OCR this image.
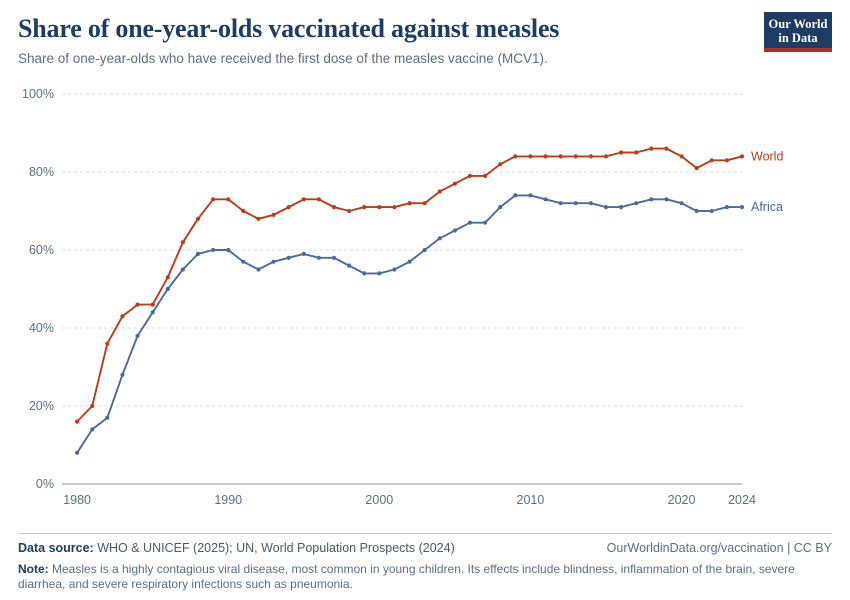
Share of one-year-olds vaccinated against measles
Share of one-year-olds who have received the first dose of the measles vaccine (MCV1).
Our World
in Data
0%
20%
40%
60%
80%
100%
1980	1990	2000	2010	2020	2024
World
Africa
Data source: WHO & UNICEF (2025); UN, World Population Prospects (2024)	OurWorldinData.org/vaccination | CC BY
Note: Measles is a highly contagious viral disease, most common in young children. Its effects include blindness, inflammation of the brain, severe diarrhea, and severe respiratory infections such as pneumonia.
